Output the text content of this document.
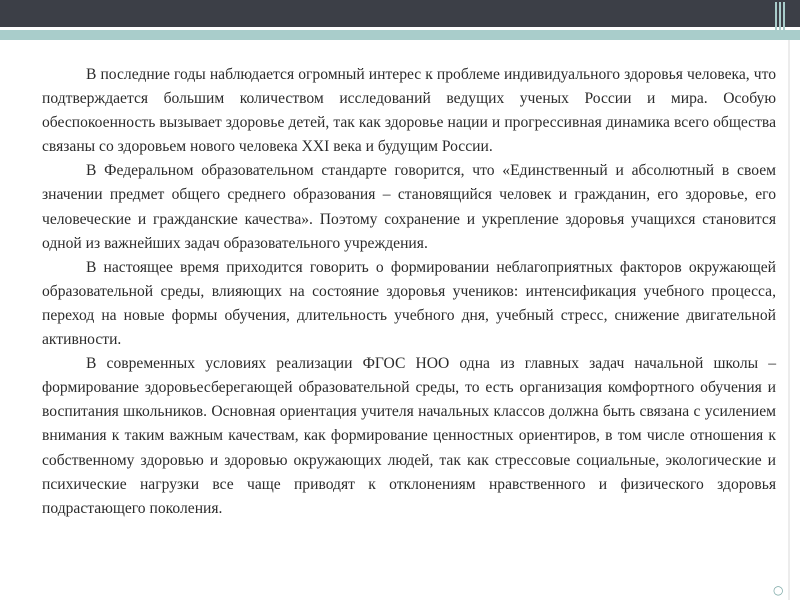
В последние годы наблюдается огромный интерес к проблеме индивидуального здоровья человека, что подтверждается большим количеством исследований ведущих ученых России и мира. Особую обеспокоенность вызывает здоровье детей, так как здоровье нации и прогрессивная динамика всего общества связаны со здоровьем нового человека XXI века и будущим России.

В Федеральном образовательном стандарте говорится, что «Единственный и абсолютный в своем значении предмет общего среднего образования – становящийся человек и гражданин, его здоровье, его человеческие и гражданские качества». Поэтому сохранение и укрепление здоровья учащихся становится одной из важнейших задач образовательного учреждения.

В настоящее время приходится говорить о формировании неблагоприятных факторов окружающей образовательной среды, влияющих на состояние здоровья учеников: интенсификация учебного процесса, переход на новые формы обучения, длительность учебного дня, учебный стресс, снижение двигательной активности.

В современных условиях реализации ФГОС НОО одна из главных задач начальной школы – формирование здоровьесберегающей образовательной среды, то есть организация комфортного обучения и воспитания школьников. Основная ориентация учителя начальных классов должна быть связана с усилением внимания к таким важным качествам, как формирование ценностных ориентиров, в том числе отношения к собственному здоровью и здоровью окружающих людей, так как стрессовые социальные, экологические и психические нагрузки все чаще приводят к отклонениям нравственного и физического здоровья подрастающего поколения.

○
